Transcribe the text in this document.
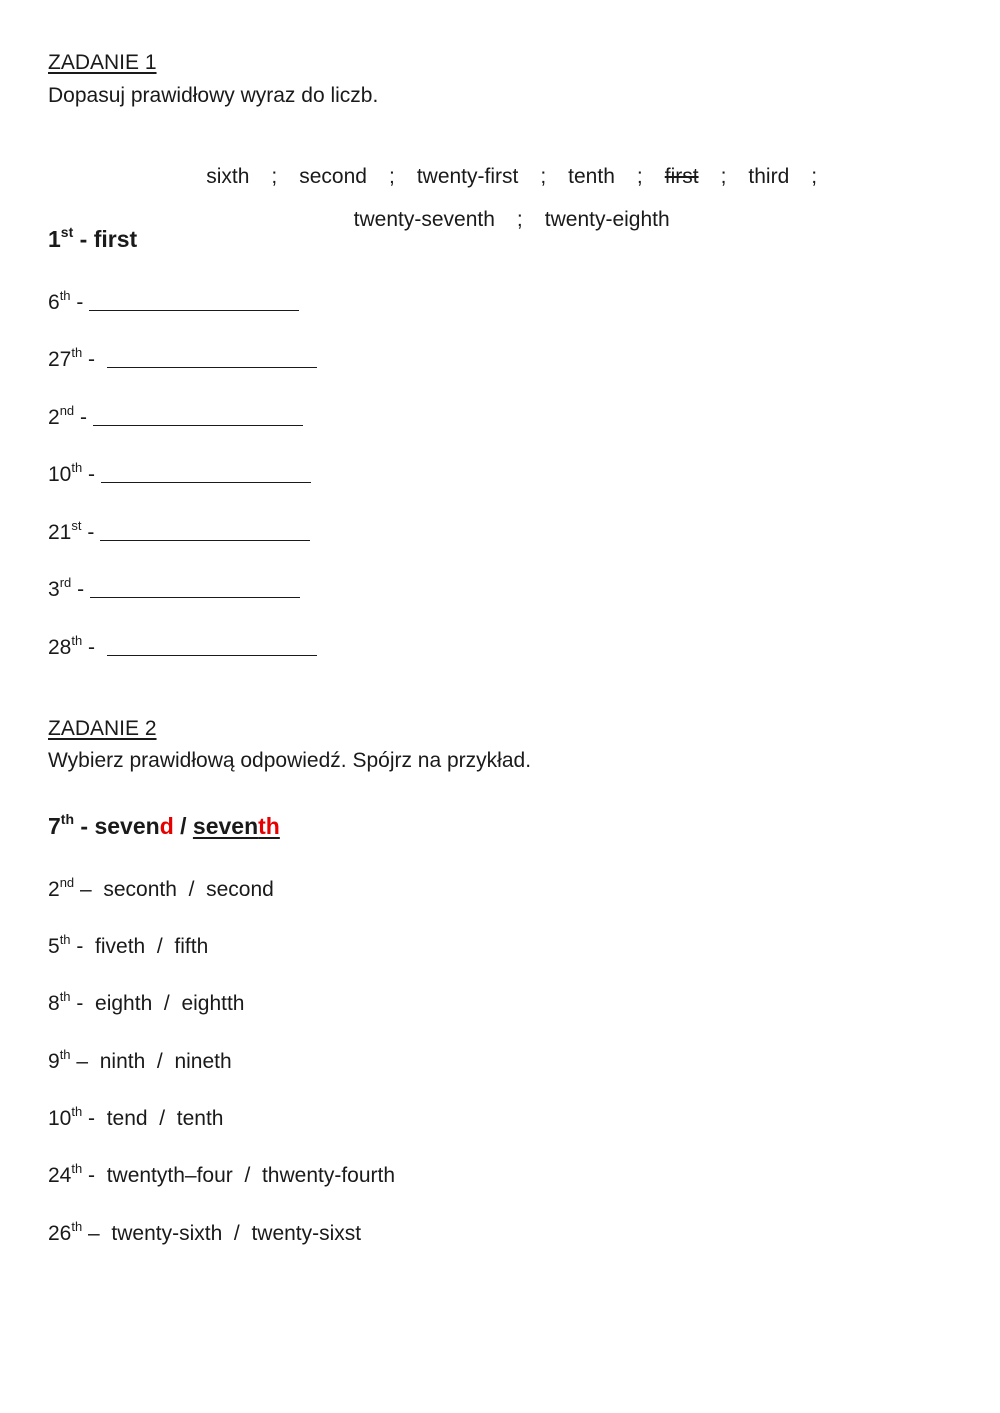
ZADANIE 1
Dopasuj prawidłowy wyraz do liczb.

sixth ; second ; twenty-first ; tenth ; first ; third ;

twenty-seventh ; twenty-eighth

1st - first
6th -
27th -
2nd -
10th -
21st -
3rd -
28th -
ZADANIE 2
Wybierz prawidłową odpowiedź. Spójrz na przykład.
7th - sevend / seventh
2nd –  seconth  /  second
5th -  fiveth  /  fifth
8th -  eighth  /  eightth
9th –  ninth  /  nineth
10th -  tend  /  tenth
24th -  twentyth–four  /  thwenty-fourth
26th –  twenty-sixth  /  twenty-sixst
